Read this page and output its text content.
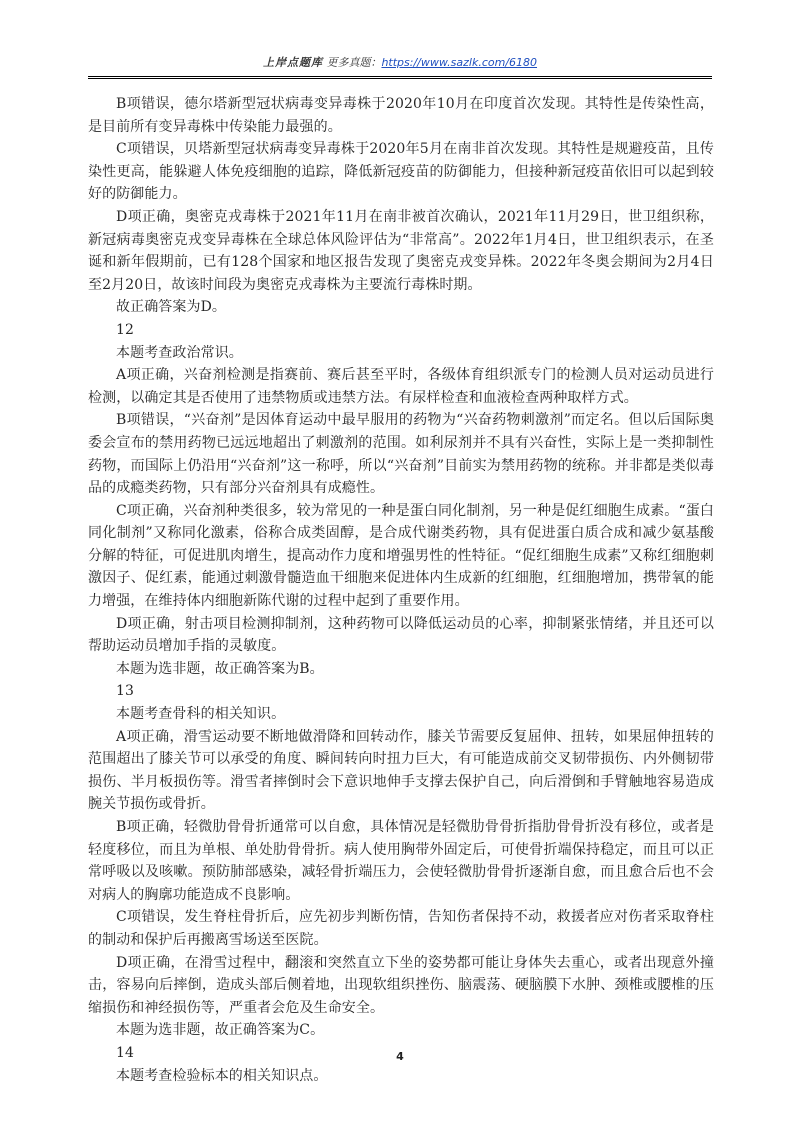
上岸点题库 更多真题：https://www.sazlk.com/6180

B项错误，德尔塔新型冠状病毒变异毒株于2020年10月在印度首次发现。其特性是传染性高，是目前所有变异毒株中传染能力最强的。

C项错误，贝塔新型冠状病毒变异毒株于2020年5月在南非首次发现。其特性是规避疫苗，且传染性更高，能躲避人体免疫细胞的追踪，降低新冠疫苗的防御能力，但接种新冠疫苗依旧可以起到较好的防御能力。

D项正确，奥密克戎毒株于2021年11月在南非被首次确认，2021年11月29日，世卫组织称，新冠病毒奥密克戎变异毒株在全球总体风险评估为“非常高”。2022年1月4日，世卫组织表示，在圣诞和新年假期前，已有128个国家和地区报告发现了奥密克戎变异株。2022年冬奥会期间为2月4日至2月20日，故该时间段为奥密克戎毒株为主要流行毒株时期。

故正确答案为D。

12

本题考查政治常识。

A项正确，兴奋剂检测是指赛前、赛后甚至平时，各级体育组织派专门的检测人员对运动员进行检测，以确定其是否使用了违禁物质或违禁方法。有尿样检查和血液检查两种取样方式。

B项错误，“兴奋剂”是因体育运动中最早服用的药物为“兴奋药物刺激剂”而定名。但以后国际奥委会宣布的禁用药物已远远地超出了刺激剂的范围。如利尿剂并不具有兴奋性，实际上是一类抑制性药物，而国际上仍沿用“兴奋剂”这一称呼，所以“兴奋剂”目前实为禁用药物的统称。并非都是类似毒品的成瘾类药物，只有部分兴奋剂具有成瘾性。

C项正确，兴奋剂种类很多，较为常见的一种是蛋白同化制剂，另一种是促红细胞生成素。“蛋白同化制剂”又称同化激素，俗称合成类固醇，是合成代谢类药物，具有促进蛋白质合成和减少氨基酸分解的特征，可促进肌肉增生，提高动作力度和增强男性的性特征。“促红细胞生成素”又称红细胞刺激因子、促红素，能通过刺激骨髓造血干细胞来促进体内生成新的红细胞，红细胞增加，携带氧的能力增强，在维持体内细胞新陈代谢的过程中起到了重要作用。

D项正确，射击项目检测抑制剂，这种药物可以降低运动员的心率，抑制紧张情绪，并且还可以帮助运动员增加手指的灵敏度。

本题为选非题，故正确答案为B。

13

本题考查骨科的相关知识。

A项正确，滑雪运动要不断地做滑降和回转动作，膝关节需要反复屈伸、扭转，如果屈伸扭转的范围超出了膝关节可以承受的角度、瞬间转向时扭力巨大，有可能造成前交叉韧带损伤、内外侧韧带损伤、半月板损伤等。滑雪者摔倒时会下意识地伸手支撑去保护自己，向后滑倒和手臂触地容易造成腕关节损伤或骨折。

B项正确，轻微肋骨骨折通常可以自愈，具体情况是轻微肋骨骨折指肋骨骨折没有移位，或者是轻度移位，而且为单根、单处肋骨骨折。病人使用胸带外固定后，可使骨折端保持稳定，而且可以正常呼吸以及咳嗽。预防肺部感染，减轻骨折端压力，会使轻微肋骨骨折逐渐自愈，而且愈合后也不会对病人的胸廓功能造成不良影响。

C项错误，发生脊柱骨折后，应先初步判断伤情，告知伤者保持不动，救援者应对伤者采取脊柱的制动和保护后再搬离雪场送至医院。

D项正确，在滑雪过程中，翻滚和突然直立下坐的姿势都可能让身体失去重心，或者出现意外撞击，容易向后摔倒，造成头部后侧着地，出现软组织挫伤、脑震荡、硬脑膜下水肿、颈椎或腰椎的压缩损伤和神经损伤等，严重者会危及生命安全。

本题为选非题，故正确答案为C。

14

本题考查检验标本的相关知识点。

4
